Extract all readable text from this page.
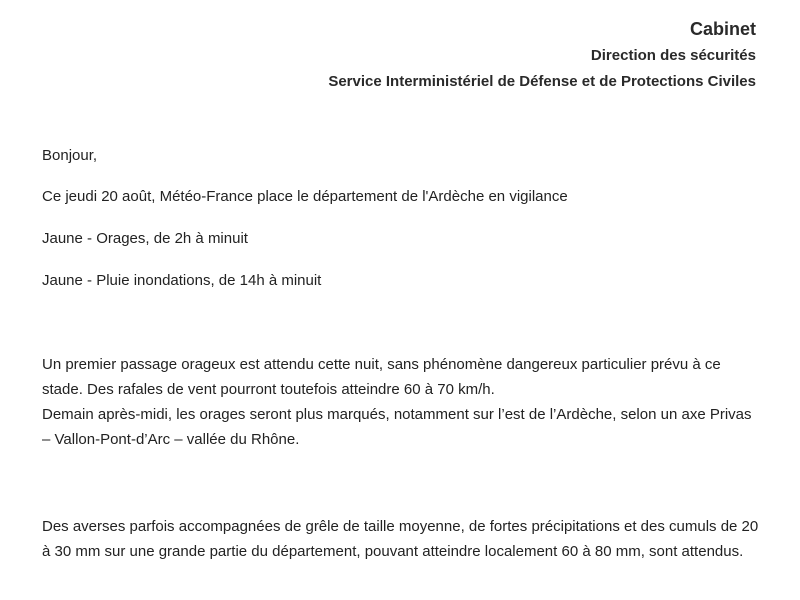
Cabinet
Direction des sécurités
Service Interministériel de Défense et de Protections Civiles

Bonjour,

Ce jeudi 20 août, Météo-France place le département de l'Ardèche en vigilance

Jaune - Orages, de 2h à minuit

Jaune - Pluie inondations, de 14h à minuit

Un premier passage orageux est attendu cette nuit, sans phénomène dangereux particulier prévu à ce stade. Des rafales de vent pourront toutefois atteindre 60 à 70 km/h.

Demain après-midi, les orages seront plus marqués, notamment sur l’est de l’Ardèche, selon un axe Privas – Vallon-Pont-d’Arc – vallée du Rhône.

Des averses parfois accompagnées de grêle de taille moyenne, de fortes précipitations et des cumuls de 20 à 30 mm sur une grande partie du département, pouvant atteindre localement 60 à 80 mm, sont attendus.
